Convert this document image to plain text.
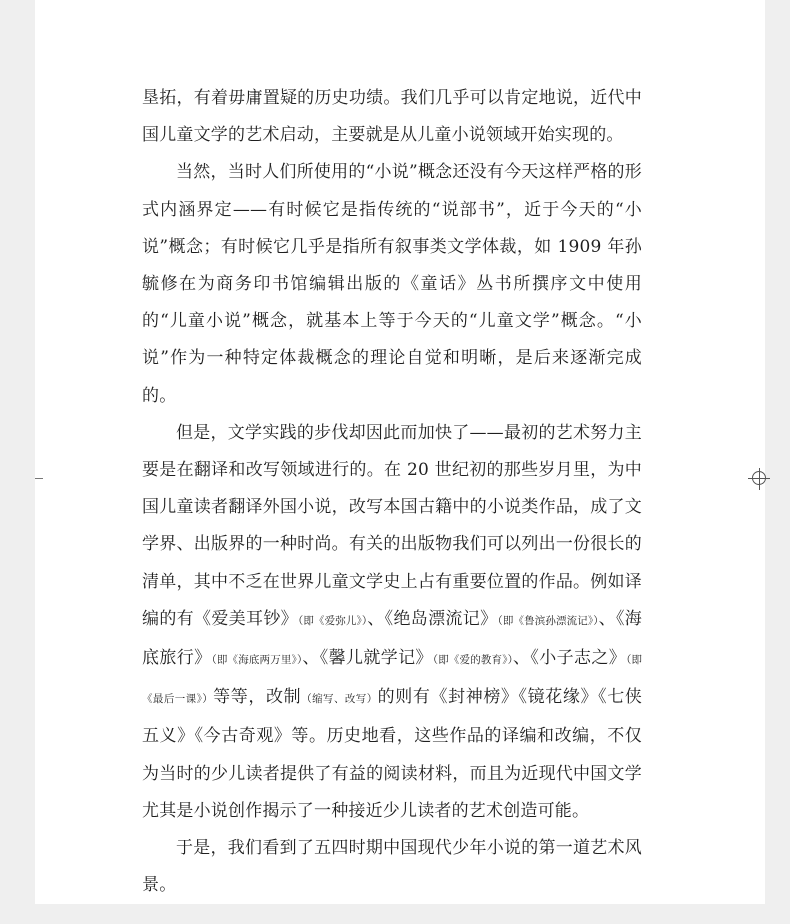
垦拓，有着毋庸置疑的历史功绩。我们几乎可以肯定地说，近代中国儿童文学的艺术启动，主要就是从儿童小说领域开始实现的。

当然，当时人们所使用的“小说”概念还没有今天这样严格的形式内涵界定——有时候它是指传统的“说部书”，近于今天的“小说”概念；有时候它几乎是指所有叙事类文学体裁，如 1909 年孙毓修在为商务印书馆编辑出版的《童话》丛书所撰序文中使用的“儿童小说”概念，就基本上等于今天的“儿童文学”概念。“小说”作为一种特定体裁概念的理论自觉和明晰，是后来逐渐完成的。

但是，文学实践的步伐却因此而加快了——最初的艺术努力主要是在翻译和改写领域进行的。在 20 世纪初的那些岁月里，为中国儿童读者翻译外国小说，改写本国古籍中的小说类作品，成了文学界、出版界的一种时尚。有关的出版物我们可以列出一份很长的清单，其中不乏在世界儿童文学史上占有重要位置的作品。例如译编的有《爱美耳钞》（即《爱弥儿》）、《绝岛漂流记》（即《鲁滨孙漂流记》）、《海底旅行》（即《海底两万里》）、《馨儿就学记》（即《爱的教育》）、《小子志之》（即《最后一课》）等等，改制（缩写、改写）的则有《封神榜》《镜花缘》《七侠五义》《今古奇观》等。历史地看，这些作品的译编和改编，不仅为当时的少儿读者提供了有益的阅读材料，而且为近现代中国文学尤其是小说创作揭示了一种接近少儿读者的艺术创造可能。

于是，我们看到了五四时期中国现代少年小说的第一道艺术风景。
